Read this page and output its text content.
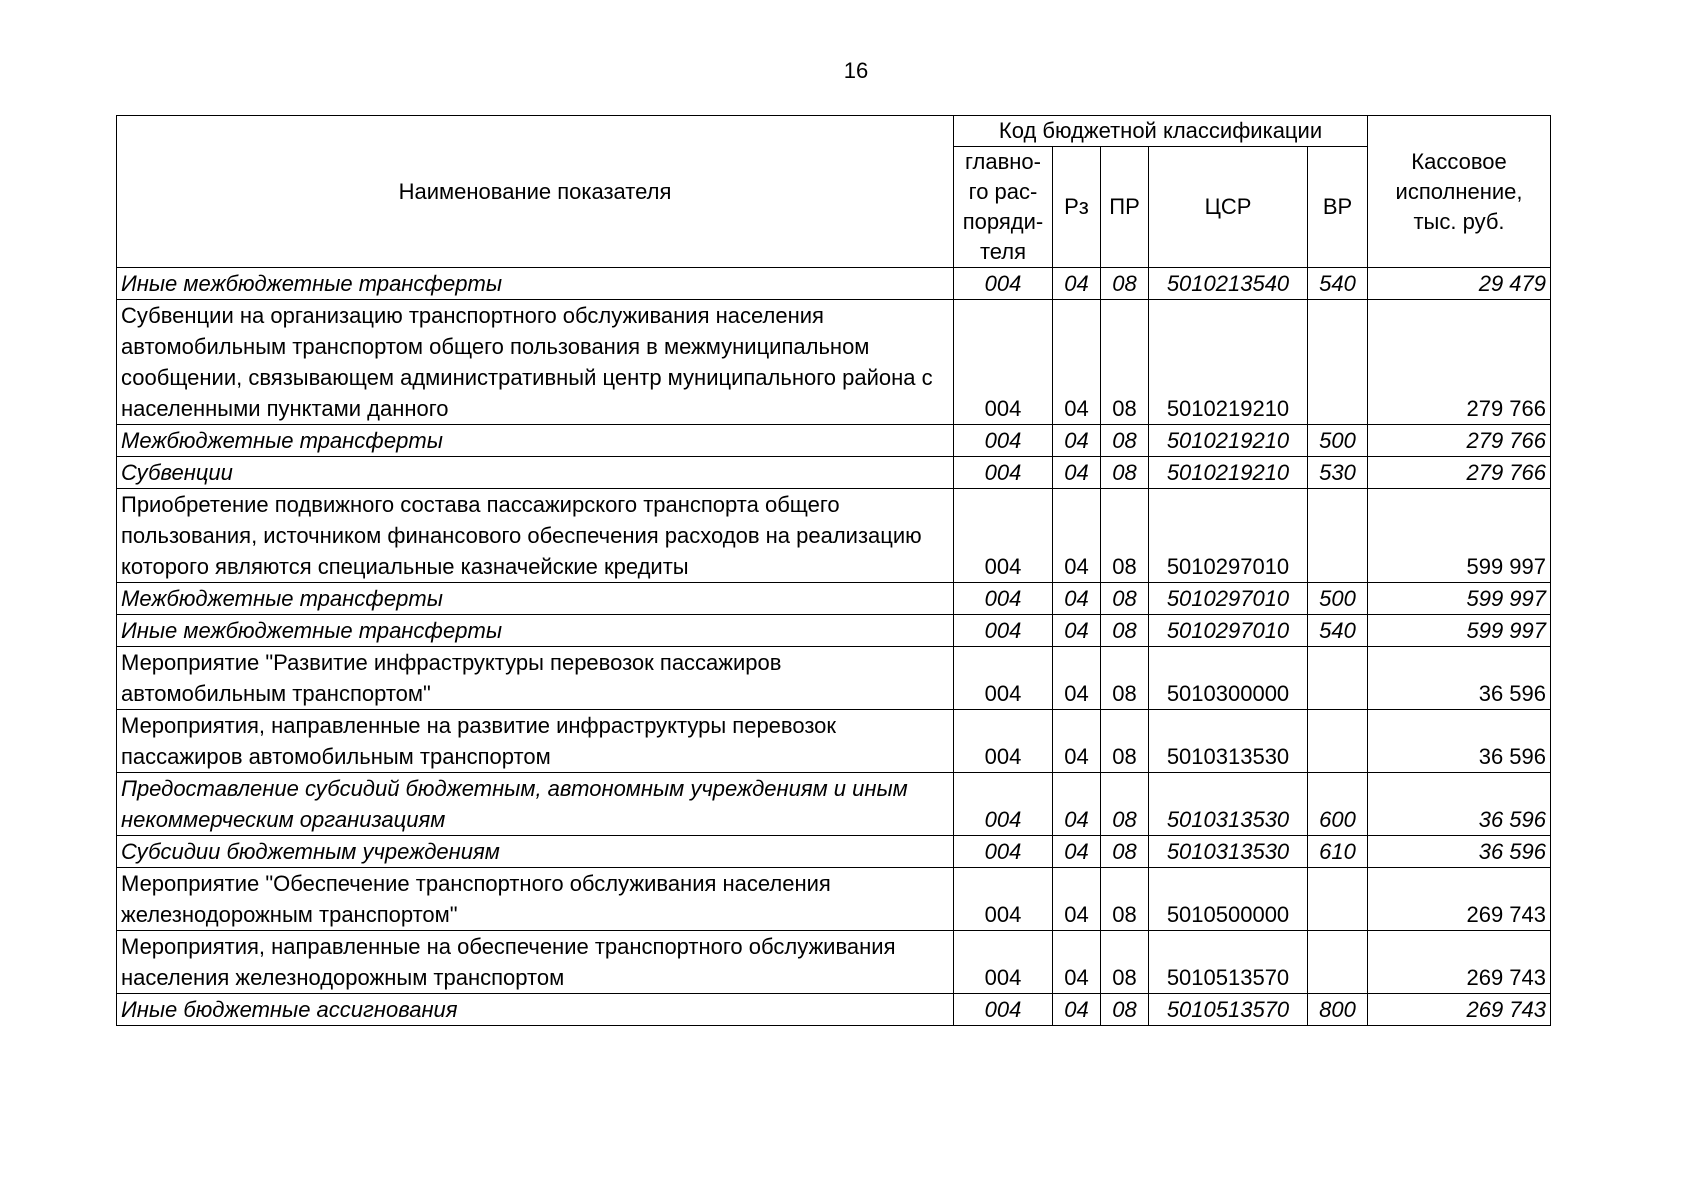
16
Наименование показателя	Код бюджетной классификации					Кассовое исполнение, тыс. руб.
	главно-го рас-поряди-теля	Рз	ПР	ЦСР	ВР	
Иные межбюджетные трансферты	004	04	08	5010213540	540	29 479
Субвенции на организацию транспортного обслуживания населения автомобильным транспортом общего пользования в межмуниципальном сообщении, связывающем административный центр муниципального района с населенными пунктами данного	004	04	08	5010219210		279 766
Межбюджетные трансферты	004	04	08	5010219210	500	279 766
Субвенции	004	04	08	5010219210	530	279 766
Приобретение подвижного состава пассажирского транспорта общего пользования, источником финансового обеспечения расходов на реализацию которого являются специальные казначейские кредиты	004	04	08	5010297010		599 997
Межбюджетные трансферты	004	04	08	5010297010	500	599 997
Иные межбюджетные трансферты	004	04	08	5010297010	540	599 997
Мероприятие "Развитие инфраструктуры перевозок пассажиров автомобильным транспортом"	004	04	08	5010300000		36 596
Мероприятия, направленные на развитие инфраструктуры перевозок пассажиров автомобильным транспортом	004	04	08	5010313530		36 596
Предоставление субсидий бюджетным, автономным учреждениям и иным некоммерческим организациям	004	04	08	5010313530	600	36 596
Субсидии бюджетным учреждениям	004	04	08	5010313530	610	36 596
Мероприятие "Обеспечение транспортного обслуживания населения железнодорожным транспортом"	004	04	08	5010500000		269 743
Мероприятия, направленные на обеспечение транспортного обслуживания населения железнодорожным транспортом	004	04	08	5010513570		269 743
Иные бюджетные ассигнования	004	04	08	5010513570	800	269 743
